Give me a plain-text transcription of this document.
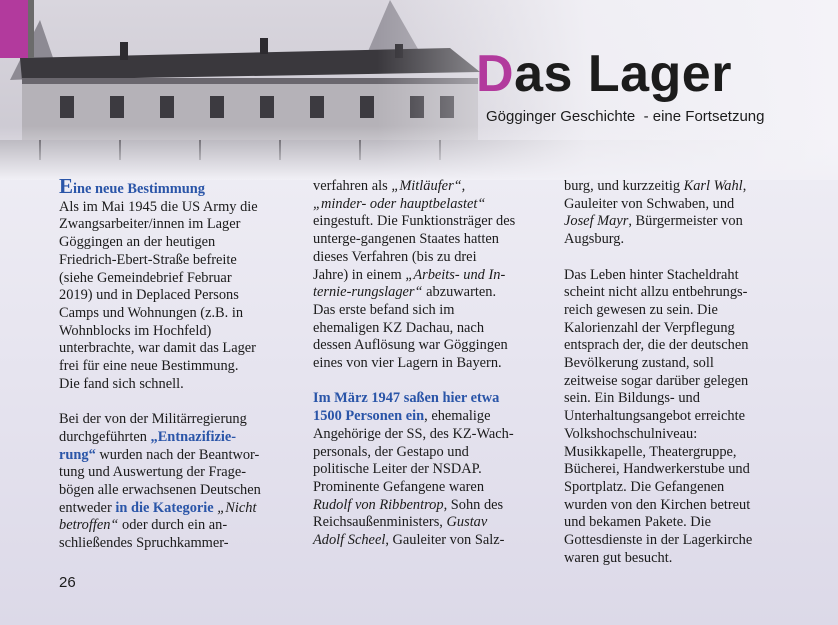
Das Lager
Gögginger Geschichte  - eine Fortsetzung

Eine neue Bestimmung

Als im Mai 1945 die US Army die

Zwangsarbeiter/innen im Lager

Göggingen an der heutigen

Friedrich-Ebert-Straße befreite

(siehe Gemeindebrief Februar

2019) und in Deplaced Persons

Camps und Wohnungen (z.B. in

Wohnblocks im Hochfeld)

unterbrachte, war damit das Lager

frei für eine neue Bestimmung.

Die fand sich schnell.

Bei der von der Militärregierung

durchgeführten „Entnazifizie-

rung“ wurden nach der Beantwor-

tung und Auswertung der Frage-

bögen alle erwachsenen Deutschen

entweder in die Kategorie „Nicht

betroffen“ oder durch ein an-

schließendes Spruchkammer-

verfahren als „Mitläufer“,

„minder- oder hauptbelastet“

eingestuft. Die Funktionsträger des

unterge-gangenen Staates hatten

dieses Verfahren (bis zu drei

Jahre) in einem „Arbeits- und In-

ternie-rungslager“ abzuwarten.

Das erste befand sich im

ehemaligen KZ Dachau, nach

dessen Auflösung war Göggingen

eines von vier Lagern in Bayern.

Im März 1947 saßen hier etwa

1500 Personen ein, ehemalige

Angehörige der SS, des KZ-Wach-

personals, der Gestapo und

politische Leiter der NSDAP.

Prominente Gefangene waren

Rudolf von Ribbentrop, Sohn des

Reichsaußenministers, Gustav

Adolf Scheel, Gauleiter von Salz-

burg, und kurzzeitig Karl Wahl,

Gauleiter von Schwaben, und

Josef Mayr, Bürgermeister von

Augsburg.

Das Leben hinter Stacheldraht

scheint nicht allzu entbehrungs-

reich gewesen zu sein. Die

Kalorienzahl der Verpflegung

entsprach der, die der deutschen

Bevölkerung zustand, soll

zeitweise sogar darüber gelegen

sein. Ein Bildungs- und

Unterhaltungsangebot erreichte

Volkshochschulniveau:

Musikkapelle, Theatergruppe,

Bücherei, Handwerkerstube und

Sportplatz. Die Gefangenen

wurden von den Kirchen betreut

und bekamen Pakete. Die

Gottesdienste in der Lagerkirche

waren gut besucht.

26
